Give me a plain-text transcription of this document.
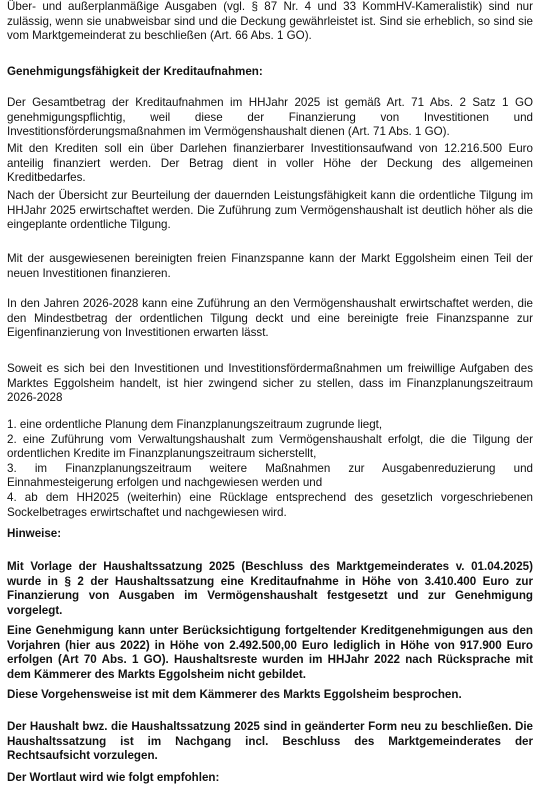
Über- und außerplanmäßige Ausgaben (vgl. § 87 Nr. 4 und 33 KommHV-Kameralistik) sind nur zulässig, wenn sie unabweisbar sind und die Deckung gewährleistet ist. Sind sie erheblich, so sind sie vom Marktgemeinderat zu beschließen (Art. 66 Abs. 1 GO).

Genehmigungsfähigkeit der Kreditaufnahmen:

Der Gesamtbetrag der Kreditaufnahmen im HHJahr 2025 ist gemäß Art. 71 Abs. 2 Satz 1 GO genehmigungspflichtig, weil diese der Finanzierung von Investitionen und Investitionsförderungsmaßnahmen im Vermögenshaushalt dienen (Art. 71 Abs. 1 GO).

Mit den Krediten soll ein über Darlehen finanzierbarer Investitionsaufwand von 12.216.500 Euro anteilig finanziert werden. Der Betrag dient in voller Höhe der Deckung des allgemeinen Kreditbedarfes.

Nach der Übersicht zur Beurteilung der dauernden Leistungsfähigkeit kann die ordentliche Tilgung im HHJahr 2025 erwirtschaftet werden. Die Zuführung zum Vermögenshaushalt ist deutlich höher als die eingeplante ordentliche Tilgung.

Mit der ausgewiesenen bereinigten freien Finanzspanne kann der Markt Eggolsheim einen Teil der neuen Investitionen finanzieren.

In den Jahren 2026-2028 kann eine Zuführung an den Vermögenshaushalt erwirtschaftet werden, die den Mindestbetrag der ordentlichen Tilgung deckt und eine bereinigte freie Finanzspanne zur Eigenfinanzierung von Investitionen erwarten lässt.

Soweit es sich bei den Investitionen und Investitionsfördermaßnahmen um freiwillige Aufgaben des Marktes Eggolsheim handelt, ist hier zwingend sicher zu stellen, dass im Finanzplanungszeitraum 2026-2028

1. eine ordentliche Planung dem Finanzplanungszeitraum zugrunde liegt,
2. eine Zuführung vom Verwaltungshaushalt zum Vermögenshaushalt erfolgt, die die Tilgung der ordentlichen Kredite im Finanzplanungszeitraum sicherstellt,
3. im Finanzplanungszeitraum weitere Maßnahmen zur Ausgabenreduzierung und Einnahmesteigerung erfolgen und nachgewiesen werden und
4. ab dem HH2025 (weiterhin) eine Rücklage entsprechend des gesetzlich vorgeschriebenen Sockelbetrages erwirtschaftet und nachgewiesen wird.

Hinweise:

Mit Vorlage der Haushaltssatzung 2025 (Beschluss des Marktgemeinderates v. 01.04.2025) wurde in § 2 der Haushaltssatzung eine Kreditaufnahme in Höhe von 3.410.400 Euro zur Finanzierung von Ausgaben im Vermögenshaushalt festgesetzt und zur Genehmigung vorgelegt.

Eine Genehmigung kann unter Berücksichtigung fortgeltender Kreditgenehmigungen aus den Vorjahren (hier aus 2022) in Höhe von 2.492.500,00 Euro lediglich in Höhe von 917.900 Euro erfolgen (Art 70 Abs. 1 GO). Haushaltsreste wurden im HHJahr 2022 nach Rücksprache mit dem Kämmerer des Markts Eggolsheim nicht gebildet.

Diese Vorgehensweise ist mit dem Kämmerer des Markts Eggolsheim besprochen.

Der Haushalt bwz. die Haushaltssatzung 2025 sind in geänderter Form neu zu beschließen. Die Haushaltssatzung ist im Nachgang incl. Beschluss des Marktgemeinderates der Rechtsaufsicht vorzulegen.

Der Wortlaut wird wie folgt empfohlen:
